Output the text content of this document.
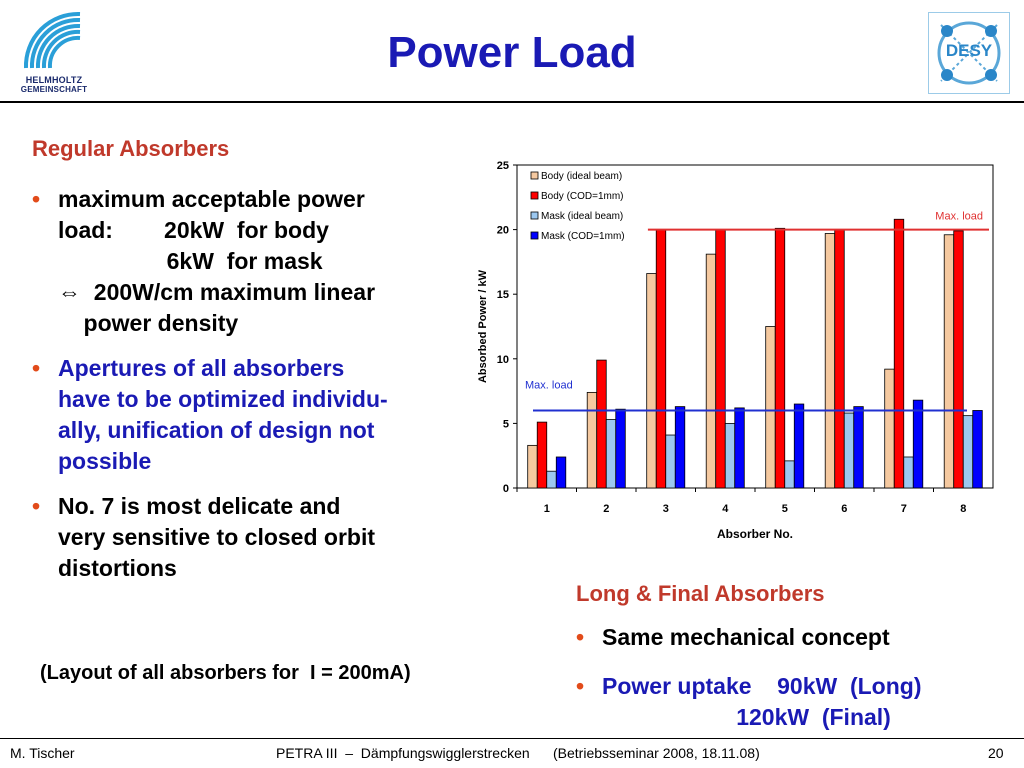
HELMHOLTZ
GEMEINSCHAFT
Power Load	DESY
Regular Absorbers
• maximum acceptable power
load:        20kW  for body
6kW  for mask
⇔  200W/cm maximum linear
power density
• Apertures of all absorbers
have to be optimized individu-
ally, unification of design not
possible
• No. 7 is most delicate and
very sensitive to closed orbit
distortions
(Layout of all absorbers for  I = 200mA)
0
5
10
15
20
25
1	2	3	4	5	6	7	8
Max. load
Max. load
Body (ideal beam)
Body (COD=1mm)
Mask (ideal beam)
Mask (COD=1mm)
Absorber No.
Absorbed Power / kW
Long & Final Absorbers
• Same mechanical concept
• Power uptake    90kW  (Long)
120kW  (Final)
M. Tischer	PETRA III  –  Dämpfungswigglerstrecken      (Betriebsseminar 2008, 18.11.08)	20
